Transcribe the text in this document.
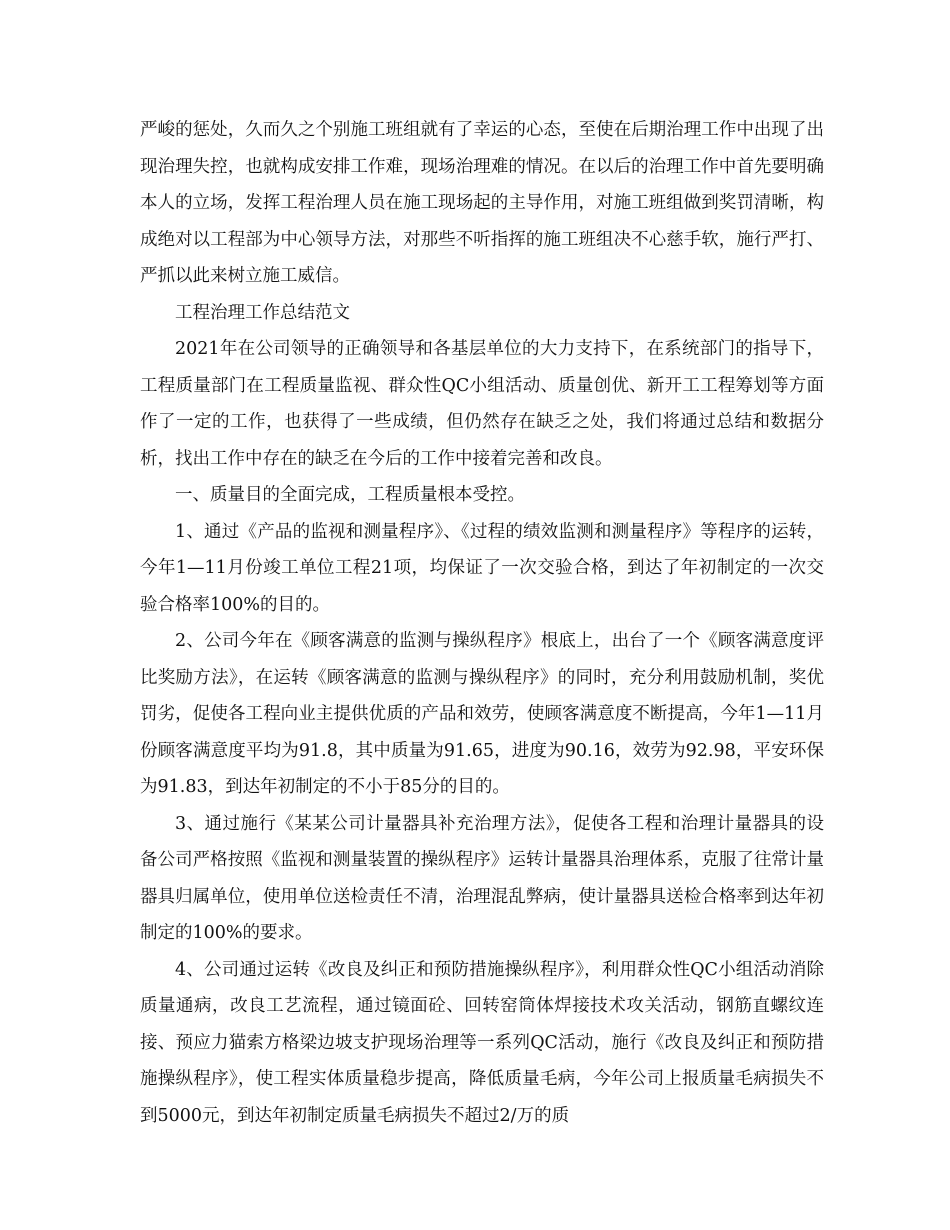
严峻的惩处，久而久之个别施工班组就有了幸运的心态，至使在后期治理工作中出现了出现治理失控，也就构成安排工作难，现场治理难的情况。在以后的治理工作中首先要明确本人的立场，发挥工程治理人员在施工现场起的主导作用，对施工班组做到奖罚清晰，构成绝对以工程部为中心领导方法，对那些不听指挥的施工班组决不心慈手软，施行严打、严抓以此来树立施工威信。

工程治理工作总结范文

2021年在公司领导的正确领导和各基层单位的大力支持下，在系统部门的指导下，工程质量部门在工程质量监视、群众性QC小组活动、质量创优、新开工工程筹划等方面作了一定的工作，也获得了一些成绩，但仍然存在缺乏之处，我们将通过总结和数据分析，找出工作中存在的缺乏在今后的工作中接着完善和改良。

一、质量目的全面完成，工程质量根本受控。

1、通过《产品的监视和测量程序》、《过程的绩效监测和测量程序》等程序的运转，今年1—11月份竣工单位工程21项，均保证了一次交验合格，到达了年初制定的一次交验合格率100%的目的。

2、公司今年在《顾客满意的监测与操纵程序》根底上，出台了一个《顾客满意度评比奖励方法》，在运转《顾客满意的监测与操纵程序》的同时，充分利用鼓励机制，奖优罚劣，促使各工程向业主提供优质的产品和效劳，使顾客满意度不断提高，今年1—11月份顾客满意度平均为91.8，其中质量为91.65，进度为90.16，效劳为92.98，平安环保为91.83，到达年初制定的不小于85分的目的。

3、通过施行《某某公司计量器具补充治理方法》，促使各工程和治理计量器具的设备公司严格按照《监视和测量装置的操纵程序》运转计量器具治理体系，克服了往常计量器具归属单位，使用单位送检责任不清，治理混乱弊病，使计量器具送检合格率到达年初制定的100%的要求。

4、公司通过运转《改良及纠正和预防措施操纵程序》，利用群众性QC小组活动消除质量通病，改良工艺流程，通过镜面砼、回转窑筒体焊接技术攻关活动，钢筋直螺纹连接、预应力猫索方格梁边坡支护现场治理等一系列QC活动，施行《改良及纠正和预防措施操纵程序》，使工程实体质量稳步提高，降低质量毛病，今年公司上报质量毛病损失不到5000元，到达年初制定质量毛病损失不超过2/万的质
